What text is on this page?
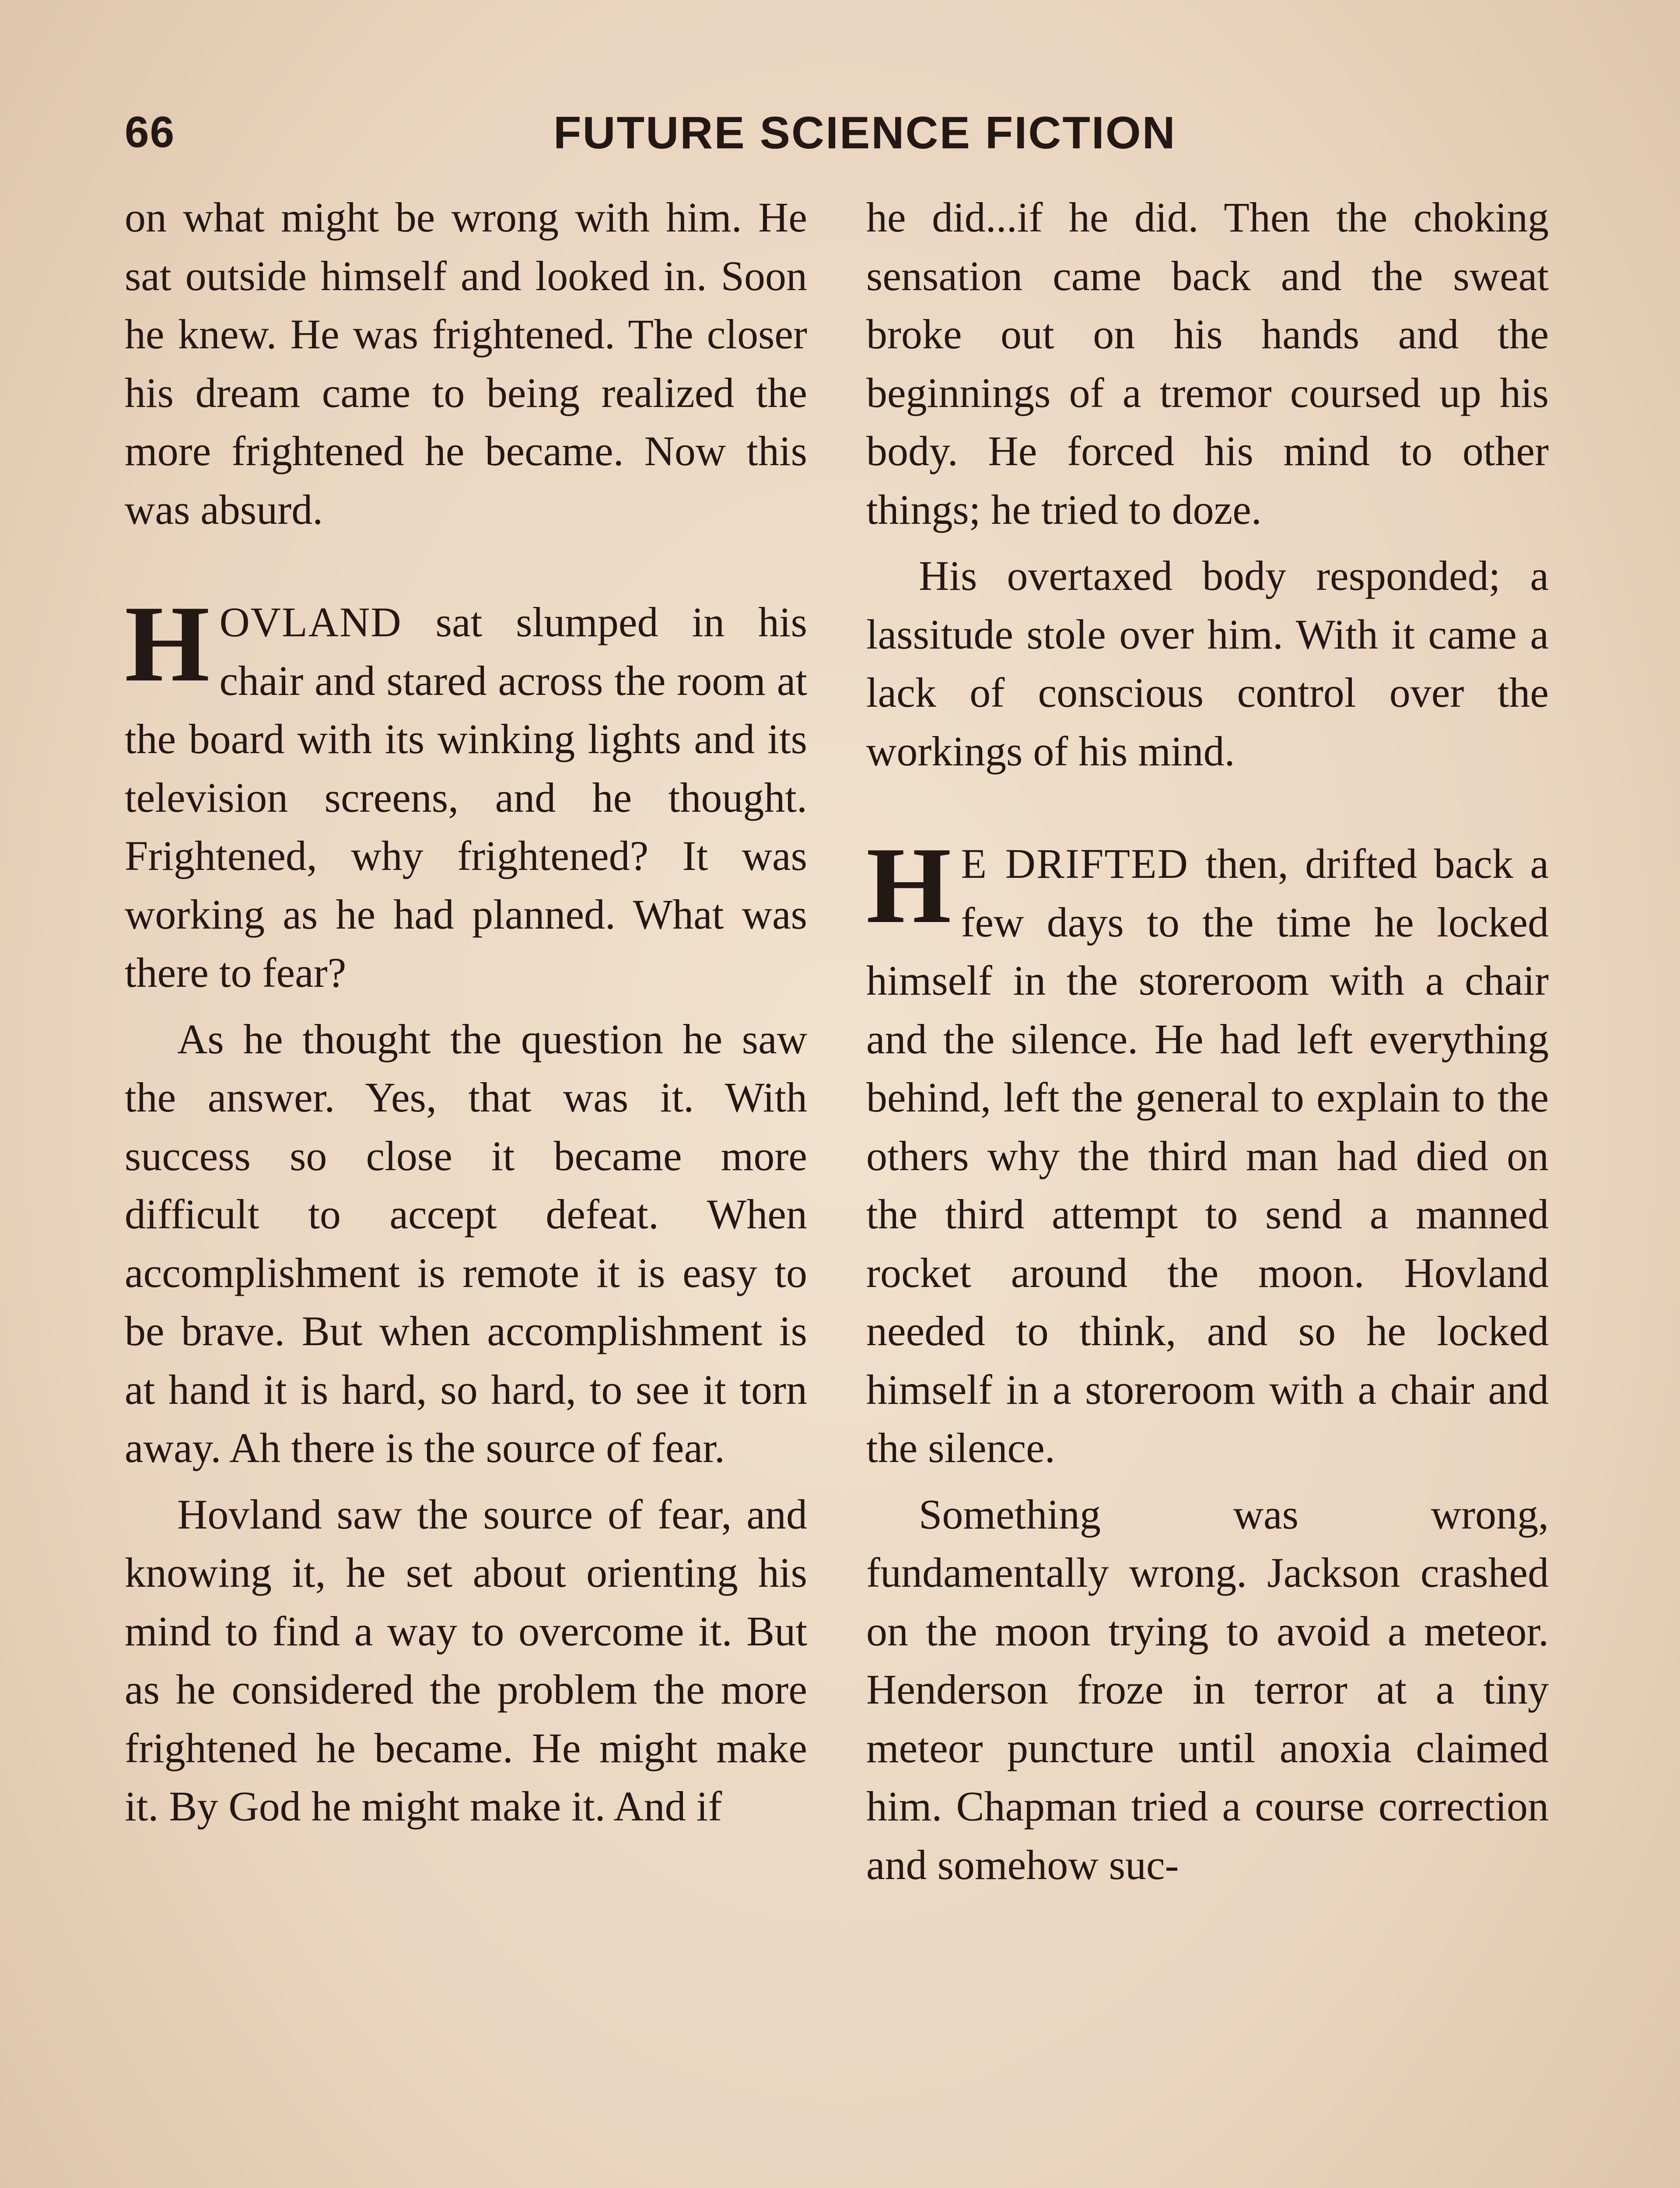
66	FUTURE SCIENCE FICTION

on what might be wrong with him. He sat outside himself and looked in. Soon he knew. He was frightened. The closer his dream came to being realized the more frightened he became. Now this was absurd.

HOVLAND sat slumped in his chair and stared across the room at the board with its winking lights and its television screens, and he thought. Frightened, why frightened? It was working as he had planned. What was there to fear?

As he thought the question he saw the answer. Yes, that was it. With success so close it became more difficult to accept defeat. When accomplishment is remote it is easy to be brave. But when accomplishment is at hand it is hard, so hard, to see it torn away. Ah there is the source of fear.

Hovland saw the source of fear, and knowing it, he set about orienting his mind to find a way to overcome it. But as he considered the problem the more frightened he became. He might make it. By God he might make it. And if

he did...if he did. Then the choking sensation came back and the sweat broke out on his hands and the beginnings of a tremor coursed up his body. He forced his mind to other things; he tried to doze.

His overtaxed body responded; a lassitude stole over him. With it came a lack of conscious control over the workings of his mind.

H E DRIFTED then, drifted back a few days to the time he locked himself in the storeroom with a chair and the silence. He had left everything behind, left the general to explain to the others why the third man had died on the third attempt to send a manned rocket around the moon. Hovland needed to think, and so he locked himself in a storeroom with a chair and the silence.

Something was wrong, fundamentally wrong. Jackson crashed on the moon trying to avoid a meteor. Henderson froze in terror at a tiny meteor puncture until anoxia claimed him. Chapman tried a course correction and somehow suc-
